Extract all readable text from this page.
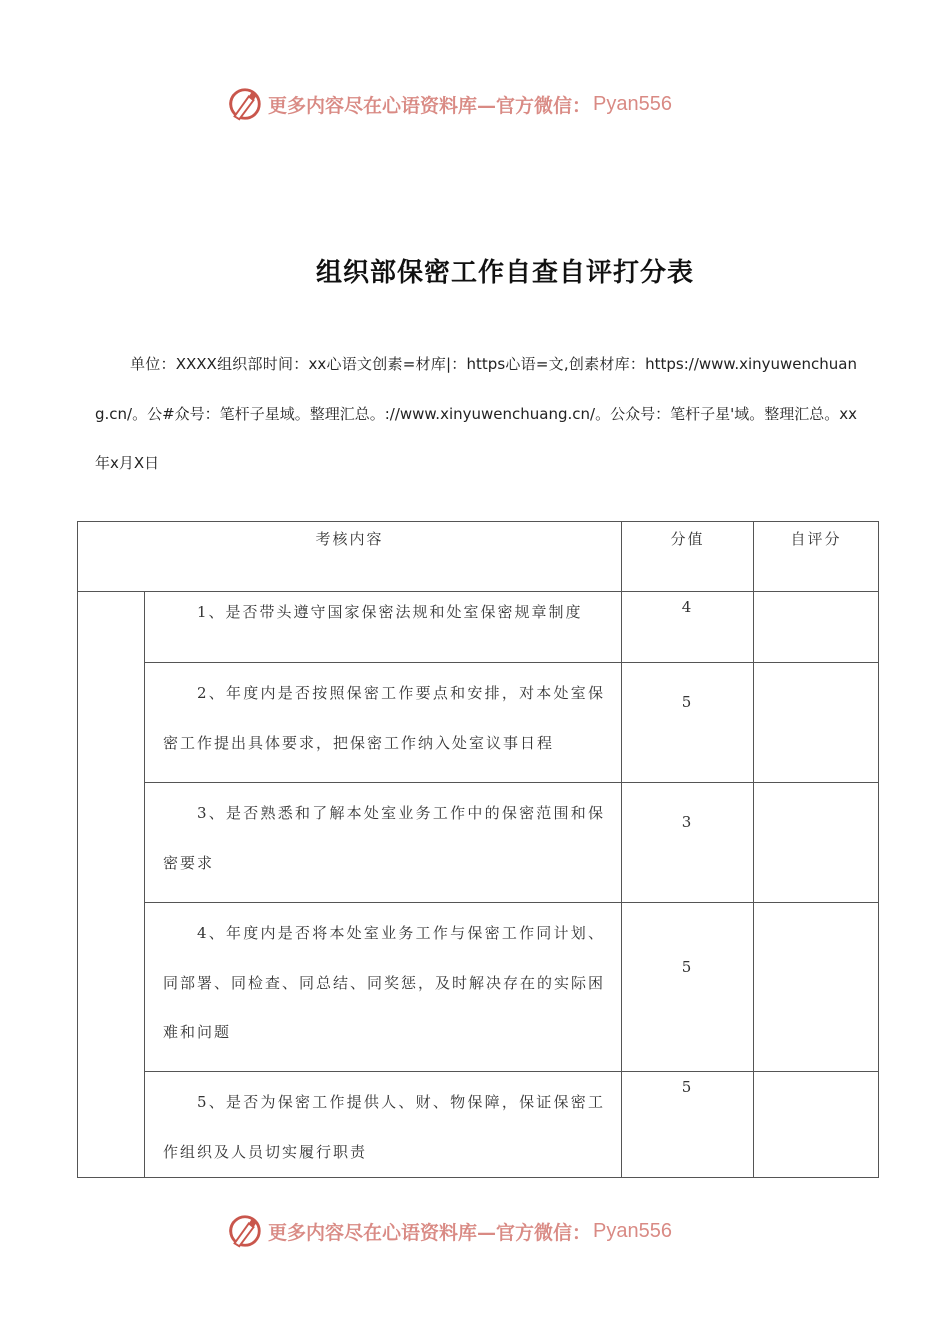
更多内容尽在心语资料库—官方微信： Pyan556
组织部保密工作自查自评打分表
单位：XXXX组织部时间：xx心语文创素=材库|：https心语=文,创素材库：https://www.xinyuwenchuang.cn/。公#众号：笔杆子星域。整理汇总。://www.xinyuwenchuang.cn/。公众号：笔杆子星'域。整理汇总。xx年x月X日
考核内容		分值	自评分
	1、是否带头遵守国家保密法规和处室保密规章制度	4	
	2、年度内是否按照保密工作要点和安排，对本处室保密工作提出具体要求，把保密工作纳入处室议事日程	5	
	3、是否熟悉和了解本处室业务工作中的保密范围和保密要求	3	
	4、年度内是否将本处室业务工作与保密工作同计划、同部署、同检查、同总结、同奖惩，及时解决存在的实际困难和问题	5	
	5、是否为保密工作提供人、财、物保障，保证保密工作组织及人员切实履行职责	5	
更多内容尽在心语资料库—官方微信： Pyan556
